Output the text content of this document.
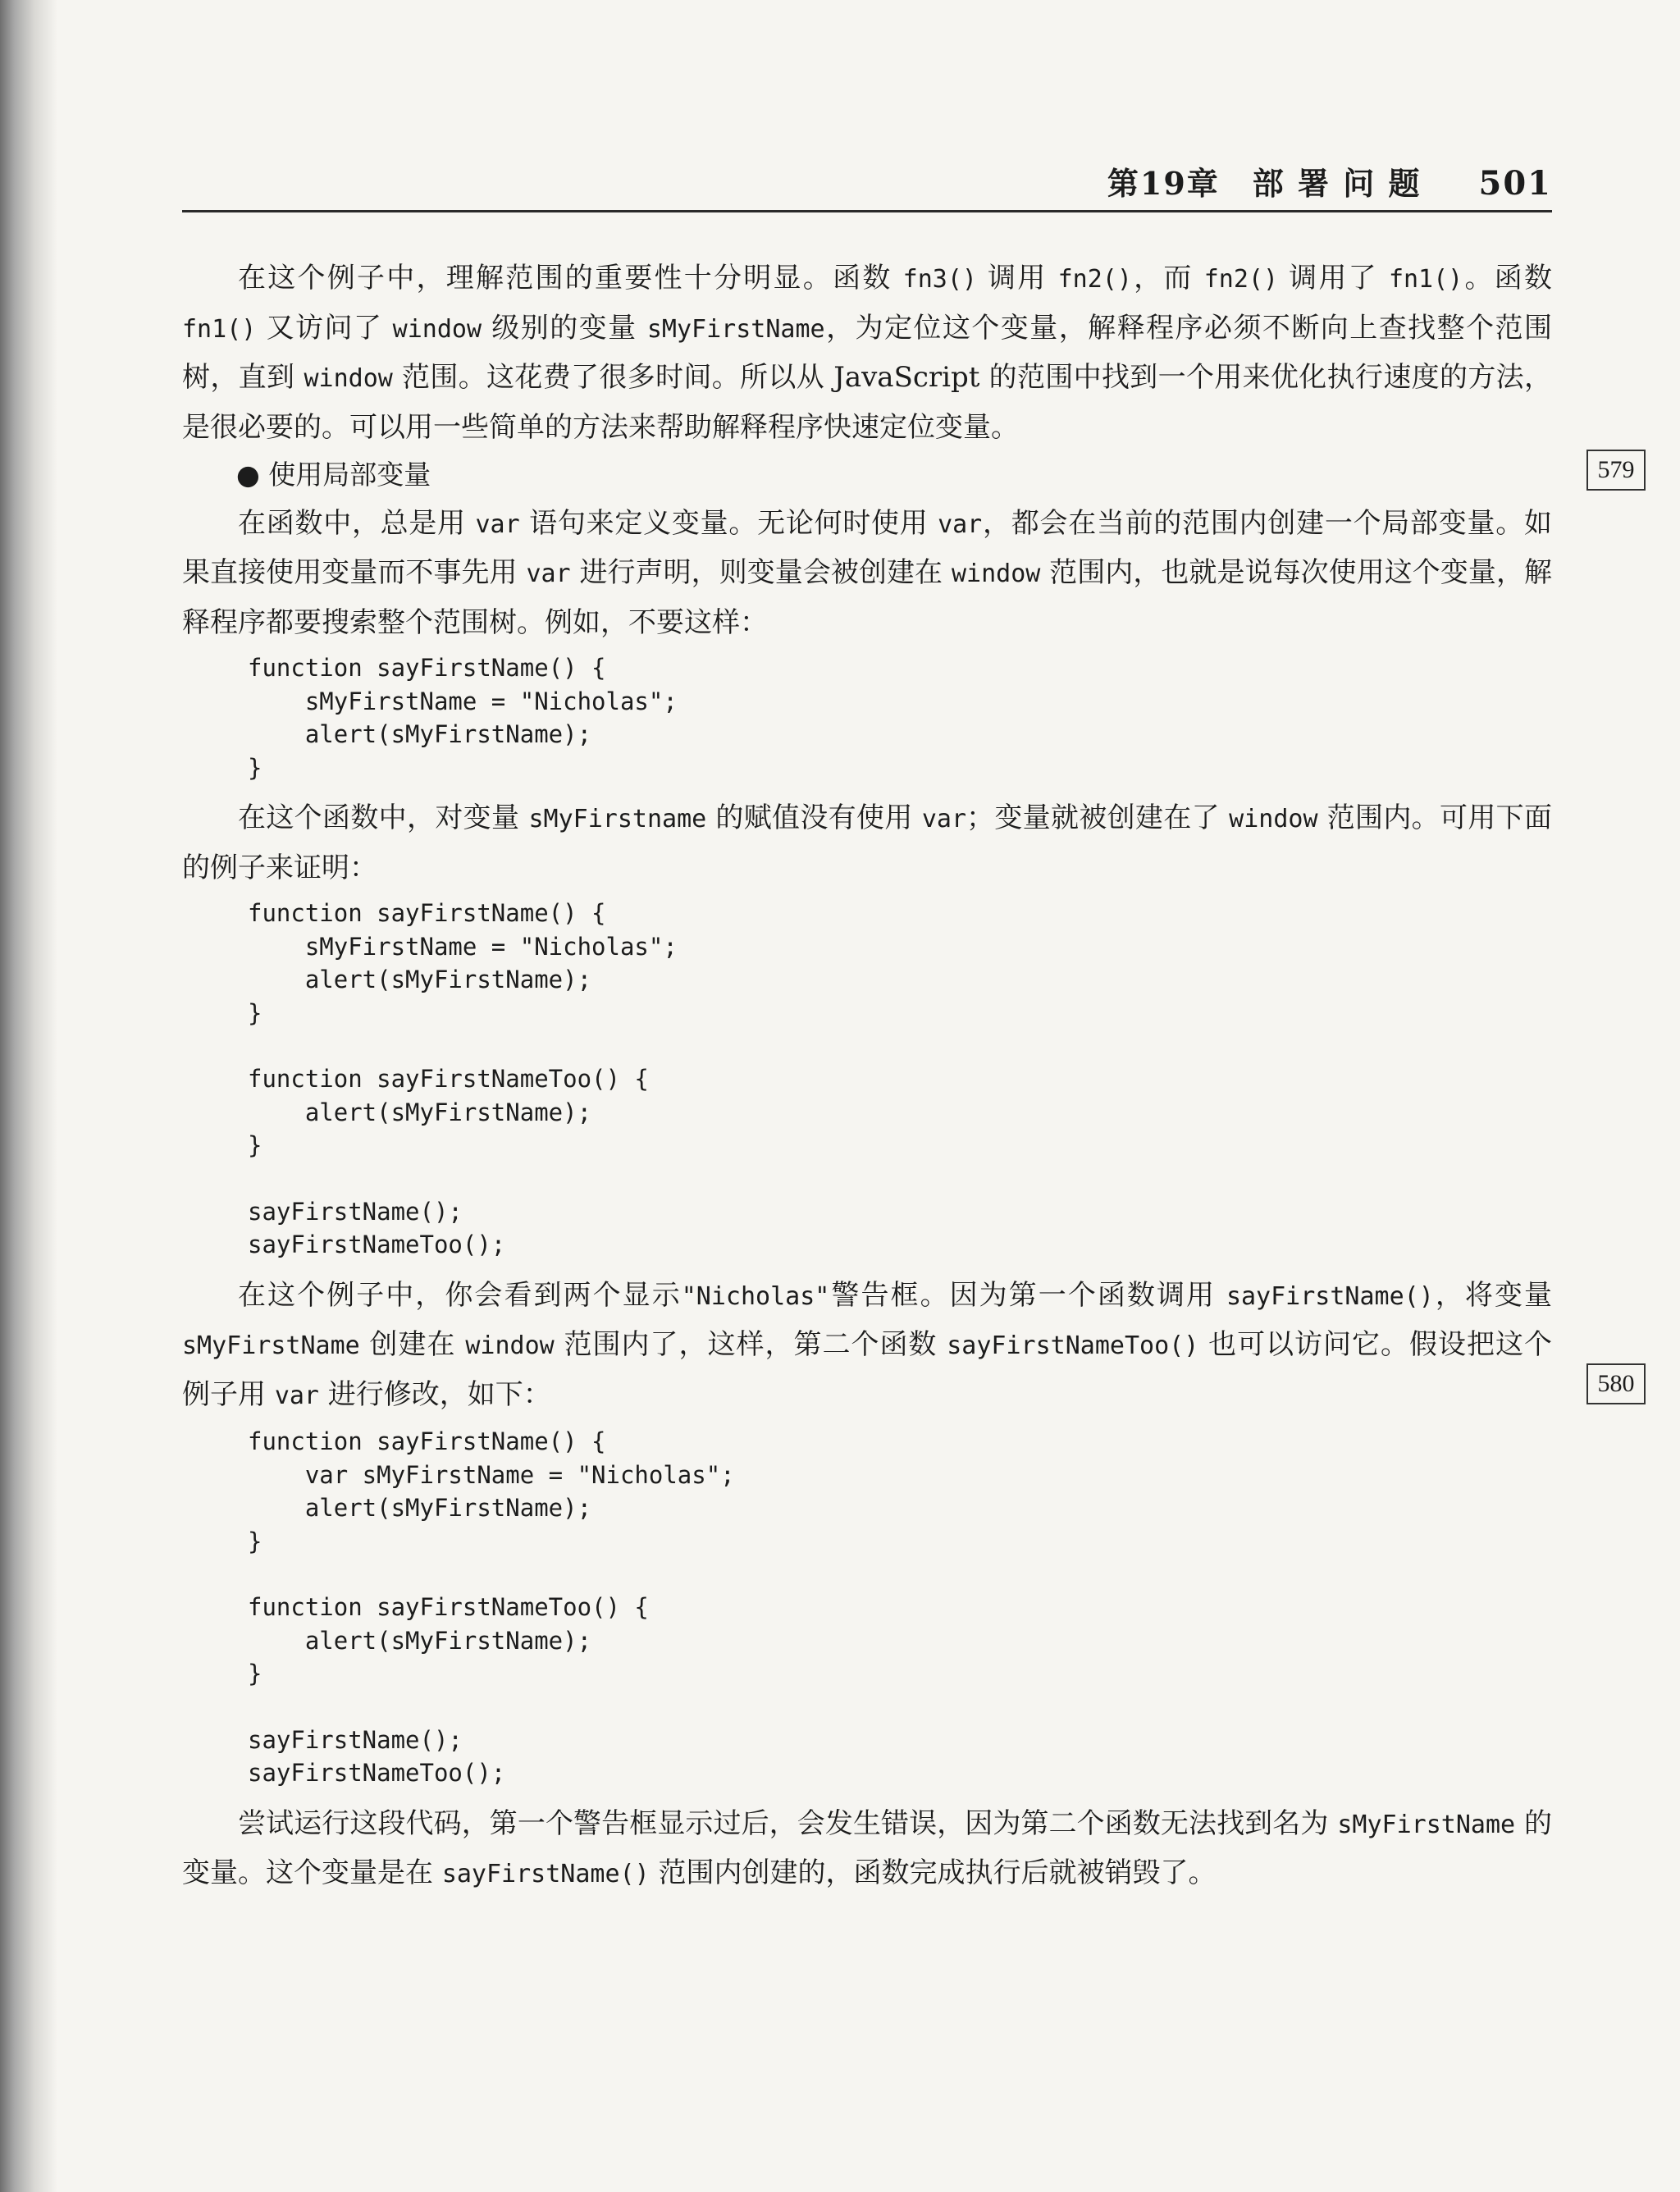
第19章 部 署 问 题 501
579
580

在这个例子中，理解范围的重要性十分明显。函数 fn3() 调用 fn2()，而 fn2() 调用了 fn1()。函数 fn1() 又访问了 window 级别的变量 sMyFirstName，为定位这个变量，解释程序必须不断向上查找整个范围树，直到 window 范围。这花费了很多时间。所以从 JavaScript 的范围中找到一个用来优化执行速度的方法，是很必要的。可以用一些简单的方法来帮助解释程序快速定位变量。

● 使用局部变量

在函数中，总是用 var 语句来定义变量。无论何时使用 var，都会在当前的范围内创建一个局部变量。如果直接使用变量而不事先用 var 进行声明，则变量会被创建在 window 范围内，也就是说每次使用这个变量，解释程序都要搜索整个范围树。例如，不要这样：

function sayFirstName() {
sMyFirstName = "Nicholas";
alert(sMyFirstName);
}

在这个函数中，对变量 sMyFirstname 的赋值没有使用 var；变量就被创建在了 window 范围内。可用下面的例子来证明：

function sayFirstName() {
sMyFirstName = "Nicholas";
alert(sMyFirstName);
}
function sayFirstNameToo() {
alert(sMyFirstName);
}
sayFirstName();
sayFirstNameToo();

在这个例子中，你会看到两个显示"Nicholas"警告框。因为第一个函数调用 sayFirstName()，将变量 sMyFirstName 创建在 window 范围内了，这样，第二个函数 sayFirstNameToo() 也可以访问它。假设把这个例子用 var 进行修改，如下：

function sayFirstName() {
var sMyFirstName = "Nicholas";
alert(sMyFirstName);
}
function sayFirstNameToo() {
alert(sMyFirstName);
}
sayFirstName();
sayFirstNameToo();

尝试运行这段代码，第一个警告框显示过后，会发生错误，因为第二个函数无法找到名为 sMyFirstName 的变量。这个变量是在 sayFirstName() 范围内创建的，函数完成执行后就被销毁了。
